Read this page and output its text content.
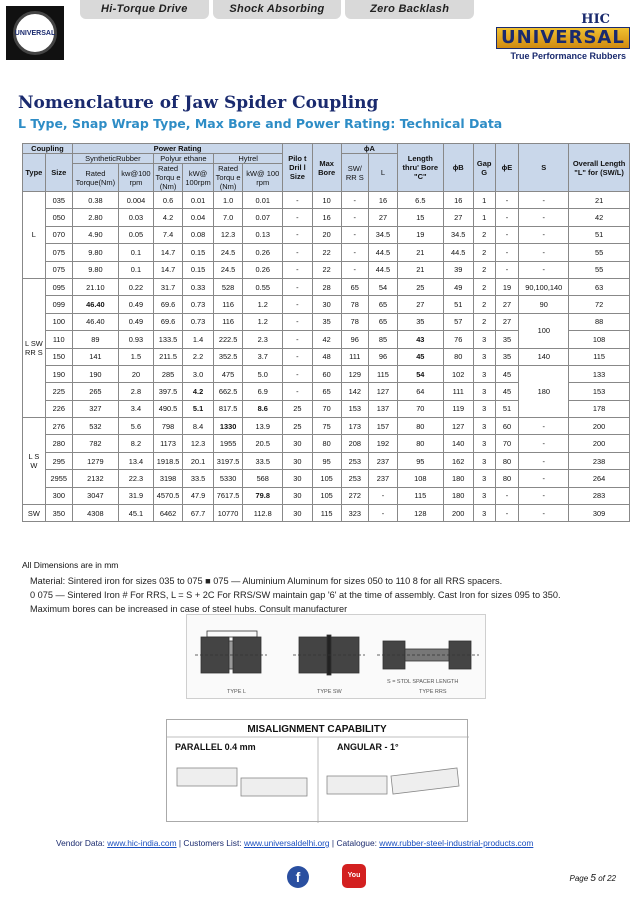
Hi-Torque Drive	Shock Absorbing	Zero Backlash
UNIVERSAL
HIC
UNIVERSAL
True Performance Rubbers
Nomenclature of Jaw Spider Coupling
L Type, Snap Wrap Type, Max Bore and Power Rating: Technical Data
Coupling		Power Rating						Pilo t Dril l Size	Max Bore	ϕA		Length thru' Bore "C"	ϕB	Gap G	ϕE	S	Overall Length "L" for (SW/L)
Type	Size	SyntheticRubber		Polyur ethane		Hytrel				SW/ RR S	L						
		Rated Torque(Nm)	kw@100 rpm	Rated Torqu e (Nm)	kW@ 100rpm	Rated Torqu e (Nm)	kW@ 100 rpm										
L	035	0.38	0.004	0.6	0.01	1.0	0.01	-	10	-	16	6.5	16	1	-	-	21
	050	2.80	0.03	4.2	0.04	7.0	0.07	-	16	-	27	15	27	1	-	-	42
	070	4.90	0.05	7.4	0.08	12.3	0.13	-	20	-	34.5	19	34.5	2	-	-	51
	075	9.80	0.1	14.7	0.15	24.5	0.26	-	22	-	44.5	21	44.5	2	-	-	55
	075	9.80	0.1	14.7	0.15	24.5	0.26	-	22	-	44.5	21	39	2	-	-	55
L SW RR S	095	21.10	0.22	31.7	0.33	528	0.55	-	28	65	54	25	49	2	19	90,100,140	63
	099	46.40	0.49	69.6	0.73	116	1.2	-	30	78	65	27	51	2	27	90	72
	100	46.40	0.49	69.6	0.73	116	1.2	-	35	78	65	35	57	2	27	100	88
	110	89	0.93	133.5	1.4	222.5	2.3	-	42	96	85	43	76	3	35		108
	150	141	1.5	211.5	2.2	352.5	3.7	-	48	111	96	45	80	3	35	140	115
	190	190	20	285	3.0	475	5.0	-	60	129	115	54	102	3	45	180	133
	225	265	2.8	397.5	4.2	662.5	6.9	-	65	142	127	64	111	3	45		153
	226	327	3.4	490.5	5.1	817.5	8.6	25	70	153	137	70	119	3	51		178
L S W	276	532	5.6	798	8.4	1330	13.9	25	75	173	157	80	127	3	60	-	200
	280	782	8.2	1173	12.3	1955	20.5	30	80	208	192	80	140	3	70	-	200
	295	1279	13.4	1918.5	20.1	3197.5	33.5	30	95	253	237	95	162	3	80	-	238
	2955	2132	22.3	3198	33.5	5330	568	30	105	253	237	108	180	3	80	-	264
	300	3047	31.9	4570.5	47.9	7617.5	79.8	30	105	272	-	115	180	3	-	-	283
SW	350	4308	45.1	6462	67.7	10770	112.8	30	115	323	-	128	200	3	-	-	309
All Dimensions are in mm
Material: Sintered iron for sizes 035 to 075 ■ 075 — Aluminium Aluminum for sizes 050 to 110 8 for all RRS spacers.
0 075 — Sintered Iron # For RRS, L = S + 2C For RRS/SW maintain gap '6' at the time of assembly. Cast Iron for sizes 095 to 350.
Maximum bores can be increased in case of steel hubs. Consult manufacturer
TYPE L	TYPE SW	TYPE RRS
S = STDL SPACER LENGTH
MISALIGNMENT CAPABILITY
PARALLEL 0.4 mm	ANGULAR - 1°
Vendor Data: www.hic-india.com | Customers List: www.universaldelhi.org | Catalogue: www.rubber-steel-industrial-products.com
f	You Tube
Page 5 of 22
